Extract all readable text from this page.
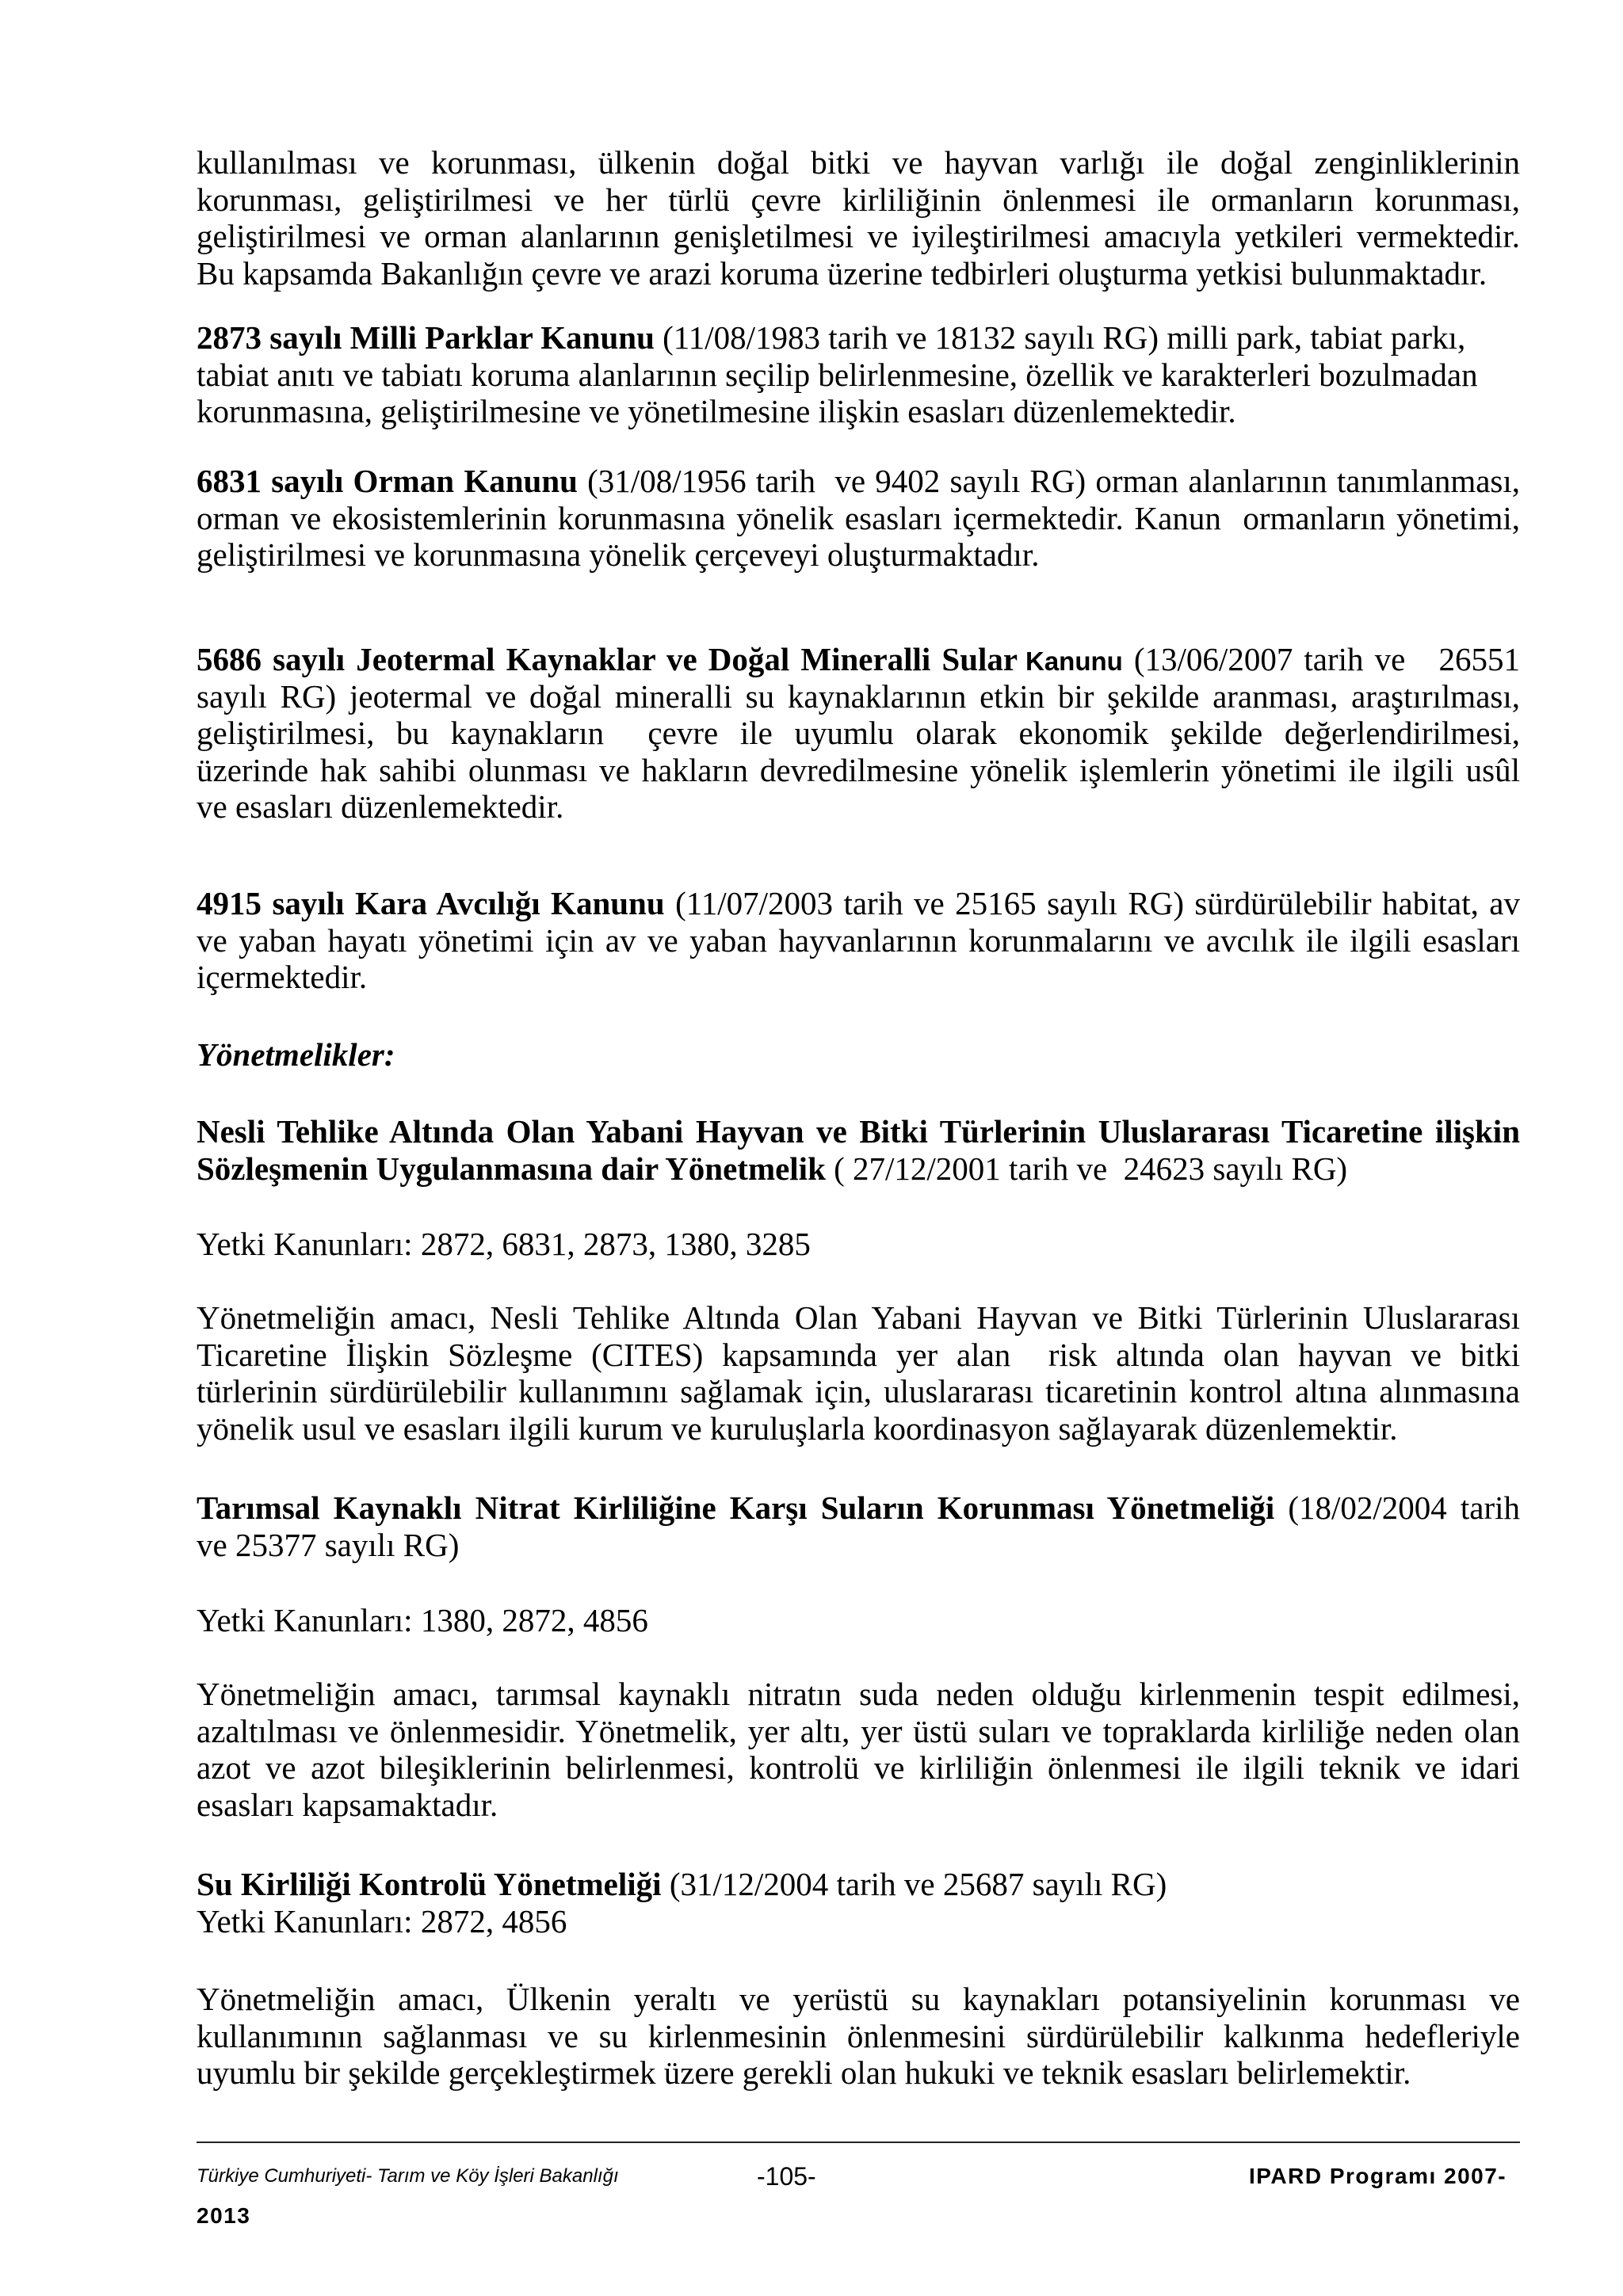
kullanılması ve korunması, ülkenin doğal bitki ve hayvan varlığı ile doğal zenginliklerinin
korunması, geliştirilmesi ve her türlü çevre kirliliğinin önlenmesi ile ormanların korunması,
geliştirilmesi ve orman alanlarının genişletilmesi ve iyileştirilmesi amacıyla yetkileri vermektedir.
Bu kapsamda Bakanlığın çevre ve arazi koruma üzerine tedbirleri oluşturma yetkisi bulunmaktadır.
2873 sayılı Milli Parklar Kanunu (11/08/1983 tarih ve 18132 sayılı RG) milli park, tabiat parkı,
tabiat anıtı ve tabiatı koruma alanlarının seçilip belirlenmesine, özellik ve karakterleri bozulmadan
korunmasına, geliştirilmesine ve yönetilmesine ilişkin esasları düzenlemektedir.
6831 sayılı Orman Kanunu (31/08/1956 tarih  ve 9402 sayılı RG) orman alanlarının tanımlanması,
orman ve ekosistemlerinin korunmasına yönelik esasları içermektedir. Kanun  ormanların yönetimi,
geliştirilmesi ve korunmasına yönelik çerçeveyi oluşturmaktadır.
5686 sayılı Jeotermal Kaynaklar ve Doğal Mineralli Sular Kanunu (13/06/2007 tarih ve   26551
sayılı RG) jeotermal ve doğal mineralli su kaynaklarının etkin bir şekilde aranması, araştırılması,
geliştirilmesi, bu kaynakların  çevre ile uyumlu olarak ekonomik şekilde değerlendirilmesi,
üzerinde hak sahibi olunması ve hakların devredilmesine yönelik işlemlerin yönetimi ile ilgili usûl
ve esasları düzenlemektedir.
4915 sayılı Kara Avcılığı Kanunu (11/07/2003 tarih ve 25165 sayılı RG) sürdürülebilir habitat, av
ve yaban hayatı yönetimi için av ve yaban hayvanlarının korunmalarını ve avcılık ile ilgili esasları
içermektedir.
Yönetmelikler:
Nesli Tehlike Altında Olan Yabani Hayvan ve Bitki Türlerinin Uluslararası Ticaretine ilişkin
Sözleşmenin Uygulanmasına dair Yönetmelik ( 27/12/2001 tarih ve  24623 sayılı RG)
Yetki Kanunları: 2872, 6831, 2873, 1380, 3285
Yönetmeliğin amacı, Nesli Tehlike Altında Olan Yabani Hayvan ve Bitki Türlerinin Uluslararası
Ticaretine İlişkin Sözleşme (CITES) kapsamında yer alan  risk altında olan hayvan ve bitki
türlerinin sürdürülebilir kullanımını sağlamak için, uluslararası ticaretinin kontrol altına alınmasına
yönelik usul ve esasları ilgili kurum ve kuruluşlarla koordinasyon sağlayarak düzenlemektir.
Tarımsal Kaynaklı Nitrat Kirliliğine Karşı Suların Korunması Yönetmeliği (18/02/2004 tarih
ve 25377 sayılı RG)
Yetki Kanunları: 1380, 2872, 4856
Yönetmeliğin amacı, tarımsal kaynaklı nitratın suda neden olduğu kirlenmenin tespit edilmesi,
azaltılması ve önlenmesidir. Yönetmelik, yer altı, yer üstü suları ve topraklarda kirliliğe neden olan
azot ve azot bileşiklerinin belirlenmesi, kontrolü ve kirliliğin önlenmesi ile ilgili teknik ve idari
esasları kapsamaktadır.
Su Kirliliği Kontrolü Yönetmeliği (31/12/2004 tarih ve 25687 sayılı RG)
Yetki Kanunları: 2872, 4856
Yönetmeliğin amacı, Ülkenin yeraltı ve yerüstü su kaynakları potansiyelinin korunması ve
kullanımının sağlanması ve su kirlenmesinin önlenmesini sürdürülebilir kalkınma hedefleriyle
uyumlu bir şekilde gerçekleştirmek üzere gerekli olan hukuki ve teknik esasları belirlemektir.
Türkiye Cumhuriyeti- Tarım ve Köy İşleri Bakanlığı	-105-	IPARD Programı 2007-
2013
